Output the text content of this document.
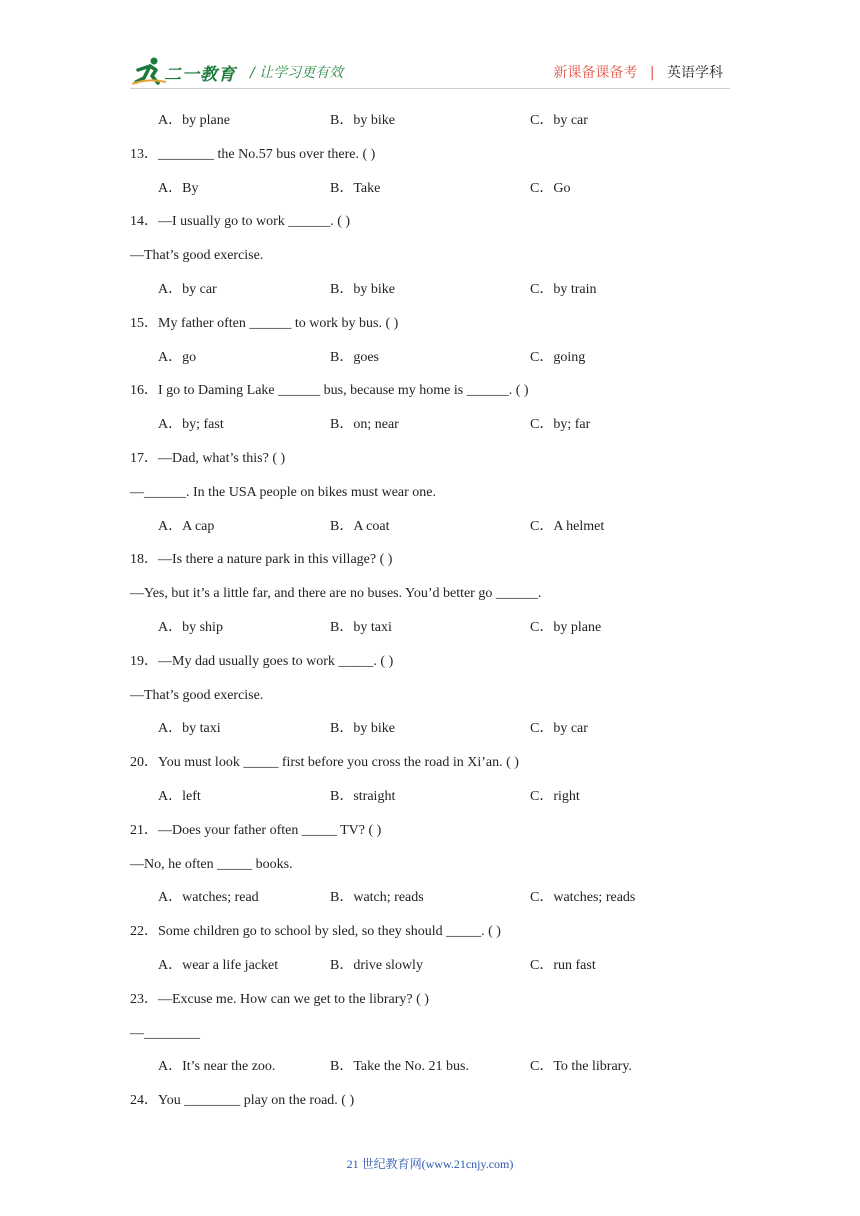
二一教育 / 让学习更有效	新课备课备考 | 英语学科
A．by plane	B．by bike	C．by car
13．________ the No.57 bus over there. ( )
A．By	B．Take	C．Go
14．—I usually go to work ______. ( )
—That’s good exercise.
A．by car	B．by bike	C．by train
15．My father often ______ to work by bus. ( )
A．go	B．goes	C．going
16．I go to Daming Lake ______ bus, because my home is ______. ( )
A．by; fast	B．on; near	C．by; far
17．—Dad, what’s this? ( )
—______. In the USA people on bikes must wear one.
A．A cap	B．A coat	C．A helmet
18．—Is there a nature park in this village? ( )
—Yes, but it’s a little far, and there are no buses. You’d better go ______.
A．by ship	B．by taxi	C．by plane
19．—My dad usually goes to work _____. ( )
—That’s good exercise.
A．by taxi	B．by bike	C．by car
20．You must look _____ first before you cross the road in Xi’an. ( )
A．left	B．straight	C．right
21．—Does your father often _____ TV? ( )
—No, he often _____ books.
A．watches; read	B．watch; reads	C．watches; reads
22．Some children go to school by sled, so they should _____. ( )
A．wear a life jacket	B．drive slowly	C．run fast
23．—Excuse me. How can we get to the library? ( )
—________
A．It’s near the zoo.	B．Take the No. 21 bus.	C．To the library.
24．You ________ play on the road. ( )
21 世纪教育网(www.21cnjy.com)
